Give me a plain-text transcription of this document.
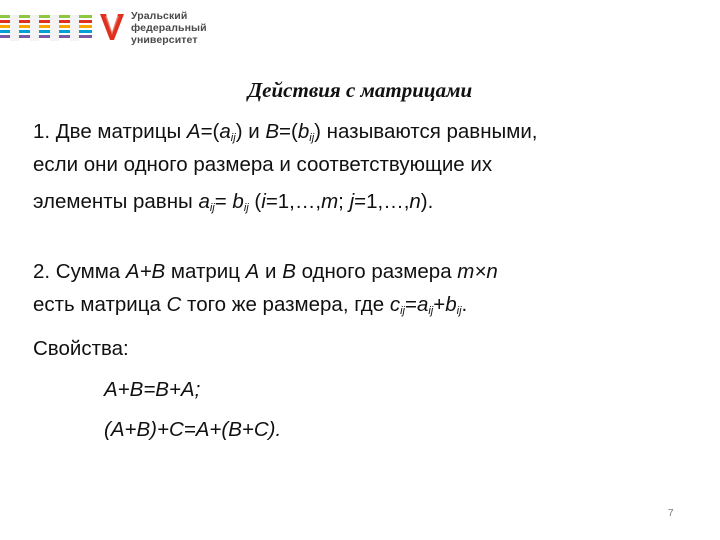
Уральский
федеральный
университет
Действия с матрицами
1. Две матрицы $A=(a_{ij})$ и $B=(b_{ij})$ называются равными,
если они одного размера и соответствующие их
элементы равны $a_{ij}= b_{ij}$ (i=1,…,m; j=1,…,n).
2. Сумма A+B матриц A и B одного размера m×n
есть матрица C того же размера, где $c_{ij}=a_{ij}+b_{ij}$.
Свойства:
A+B=B+A;
(A+B)+C=A+(B+C).
7
